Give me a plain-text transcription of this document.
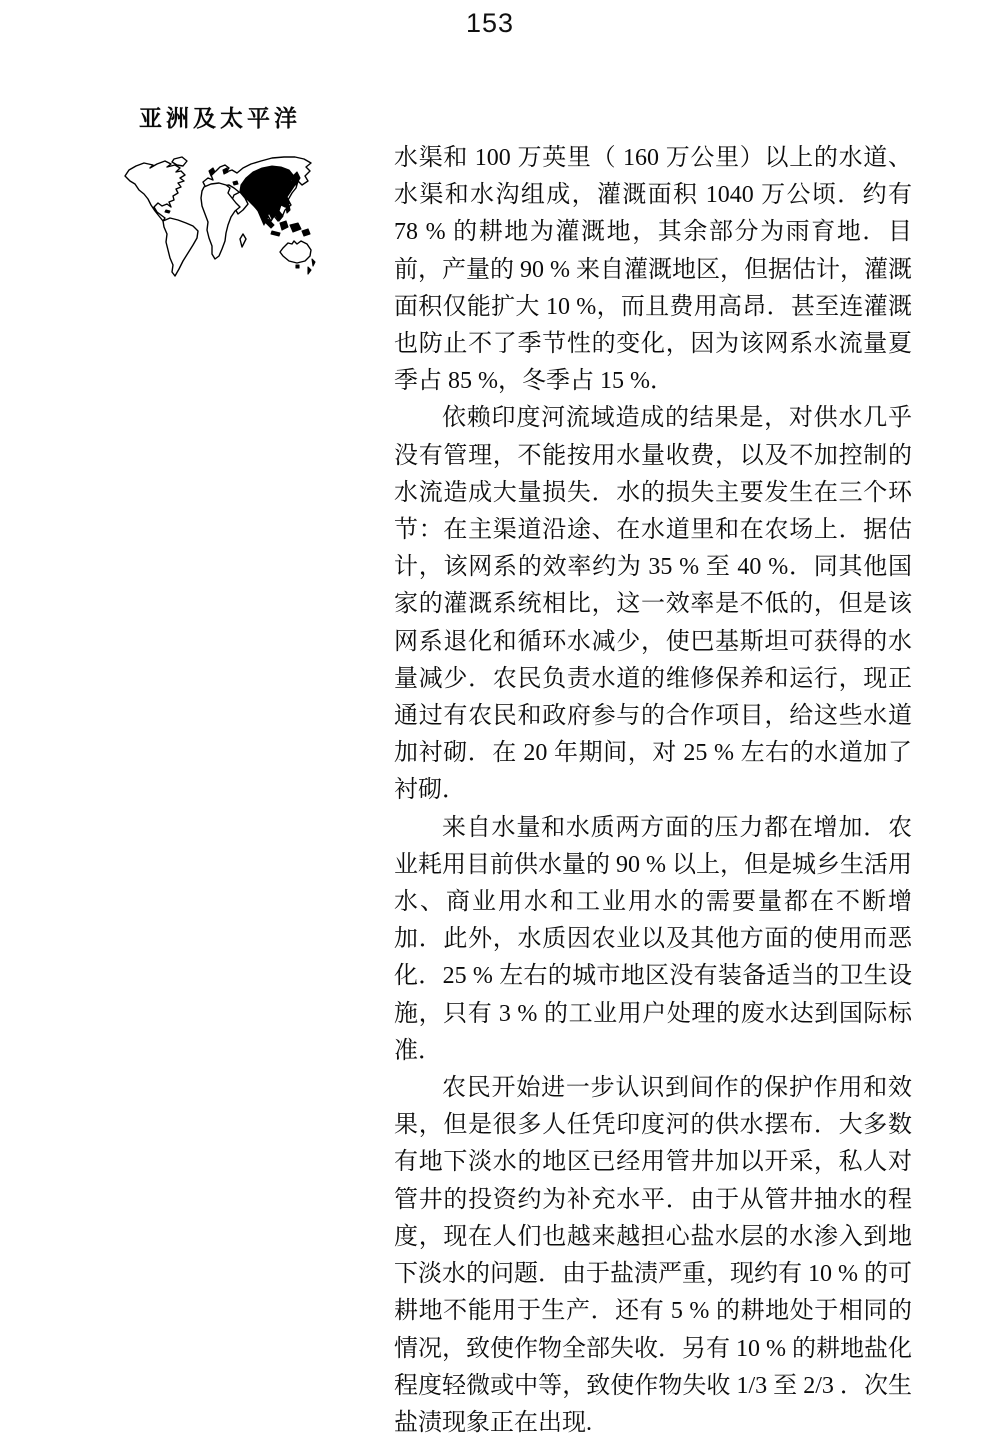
153
亚洲及太平洋

水渠和 100 万英里（ 160 万公里）以上的水道、水渠和水沟组成，灌溉面积 1040 万公顷．约有 78 % 的耕地为灌溉地，其余部分为雨育地．目前，产量的 90 % 来自灌溉地区，但据估计，灌溉面积仅能扩大 10 %，而且费用高昂．甚至连灌溉也防止不了季节性的变化，因为该网系水流量夏季占 85 %，冬季占 15 %．

依赖印度河流域造成的结果是，对供水几乎没有管理，不能按用水量收费，以及不加控制的水流造成大量损失．水的损失主要发生在三个环节：在主渠道沿途、在水道里和在农场上．据估计，该网系的效率约为 35 % 至 40 %．同其他国家的灌溉系统相比，这一效率是不低的，但是该网系退化和循环水减少，使巴基斯坦可获得的水量减少．农民负责水道的维修保养和运行，现正通过有农民和政府参与的合作项目，给这些水道加衬砌．在 20 年期间，对 25 % 左右的水道加了衬砌．

来自水量和水质两方面的压力都在增加．农业耗用目前供水量的 90 % 以上，但是城乡生活用水、商业用水和工业用水的需要量都在不断增加．此外，水质因农业以及其他方面的使用而恶化．25 % 左右的城市地区没有装备适当的卫生设施，只有 3 % 的工业用户处理的废水达到国际标准．

农民开始进一步认识到间作的保护作用和效果，但是很多人任凭印度河的供水摆布．大多数有地下淡水的地区已经用管井加以开采，私人对管井的投资约为补充水平．由于从管井抽水的程度，现在人们也越来越担心盐水层的水渗入到地下淡水的问题．由于盐渍严重，现约有 10 % 的可耕地不能用于生产．还有 5 % 的耕地处于相同的情况，致使作物全部失收．另有 10 % 的耕地盐化程度轻微或中等，致使作物失收 1/3 至 2/3 ．次生盐渍现象正在出现.
